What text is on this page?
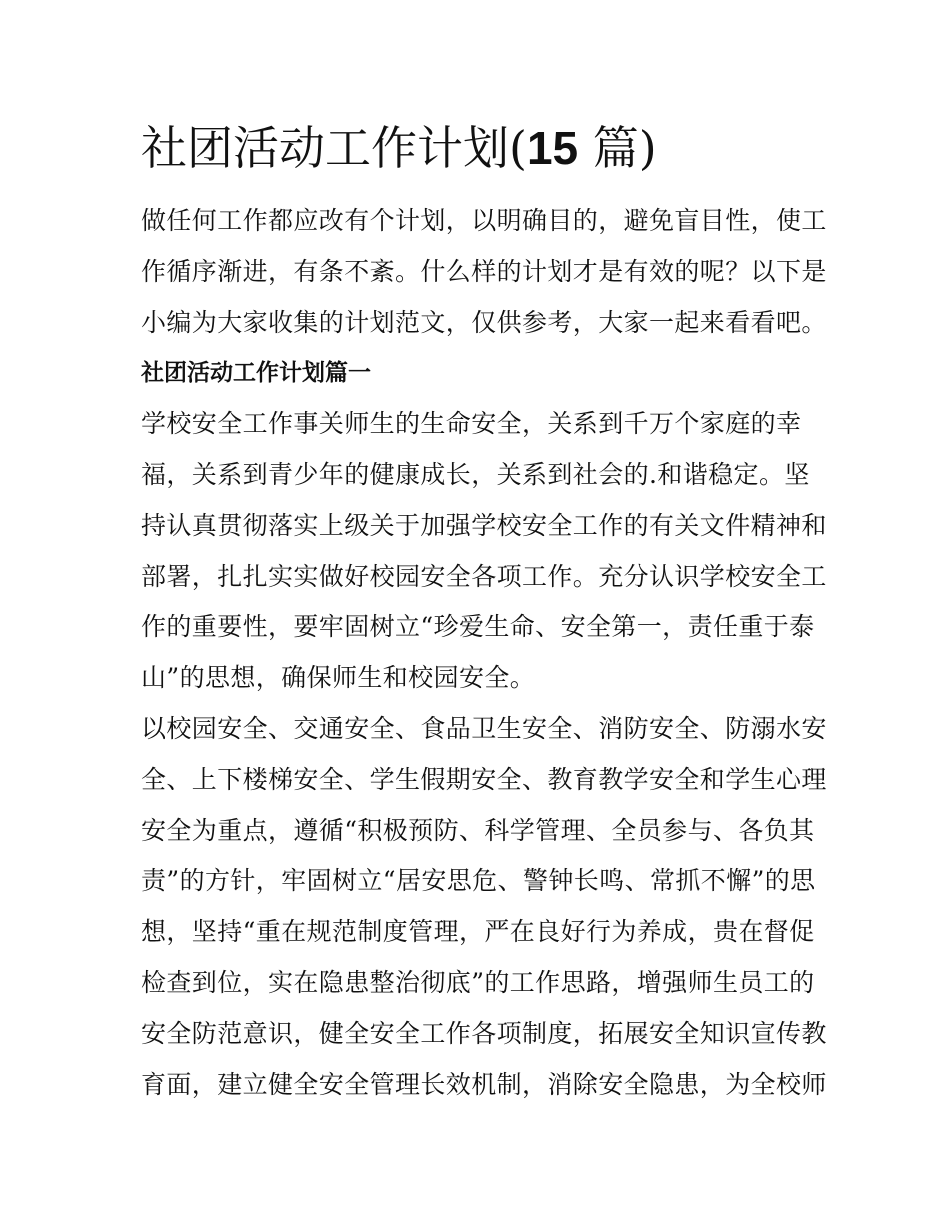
社团活动工作计划(15 篇)

做任何工作都应改有个计划，以明确目的，避免盲目性，使工
作循序渐进，有条不紊。什么样的计划才是有效的呢？以下是
小编为大家收集的计划范文，仅供参考，大家一起来看看吧。

社团活动工作计划篇一

学校安全工作事关师生的生命安全，关系到千万个家庭的幸
福，关系到青少年的健康成长，关系到社会的.和谐稳定。坚
持认真贯彻落实上级关于加强学校安全工作的有关文件精神和
部署，扎扎实实做好校园安全各项工作。充分认识学校安全工
作的重要性，要牢固树立“珍爱生命、安全第一，责任重于泰
山”的思想，确保师生和校园安全。

以校园安全、交通安全、食品卫生安全、消防安全、防溺水安
全、上下楼梯安全、学生假期安全、教育教学安全和学生心理
安全为重点，遵循“积极预防、科学管理、全员参与、各负其
责”的方针，牢固树立“居安思危、警钟长鸣、常抓不懈”的思
想，坚持“重在规范制度管理，严在良好行为养成，贵在督促
检查到位，实在隐患整治彻底”的工作思路，增强师生员工的
安全防范意识，健全安全工作各项制度，拓展安全知识宣传教
育面，建立健全安全管理长效机制，消除安全隐患，为全校师
